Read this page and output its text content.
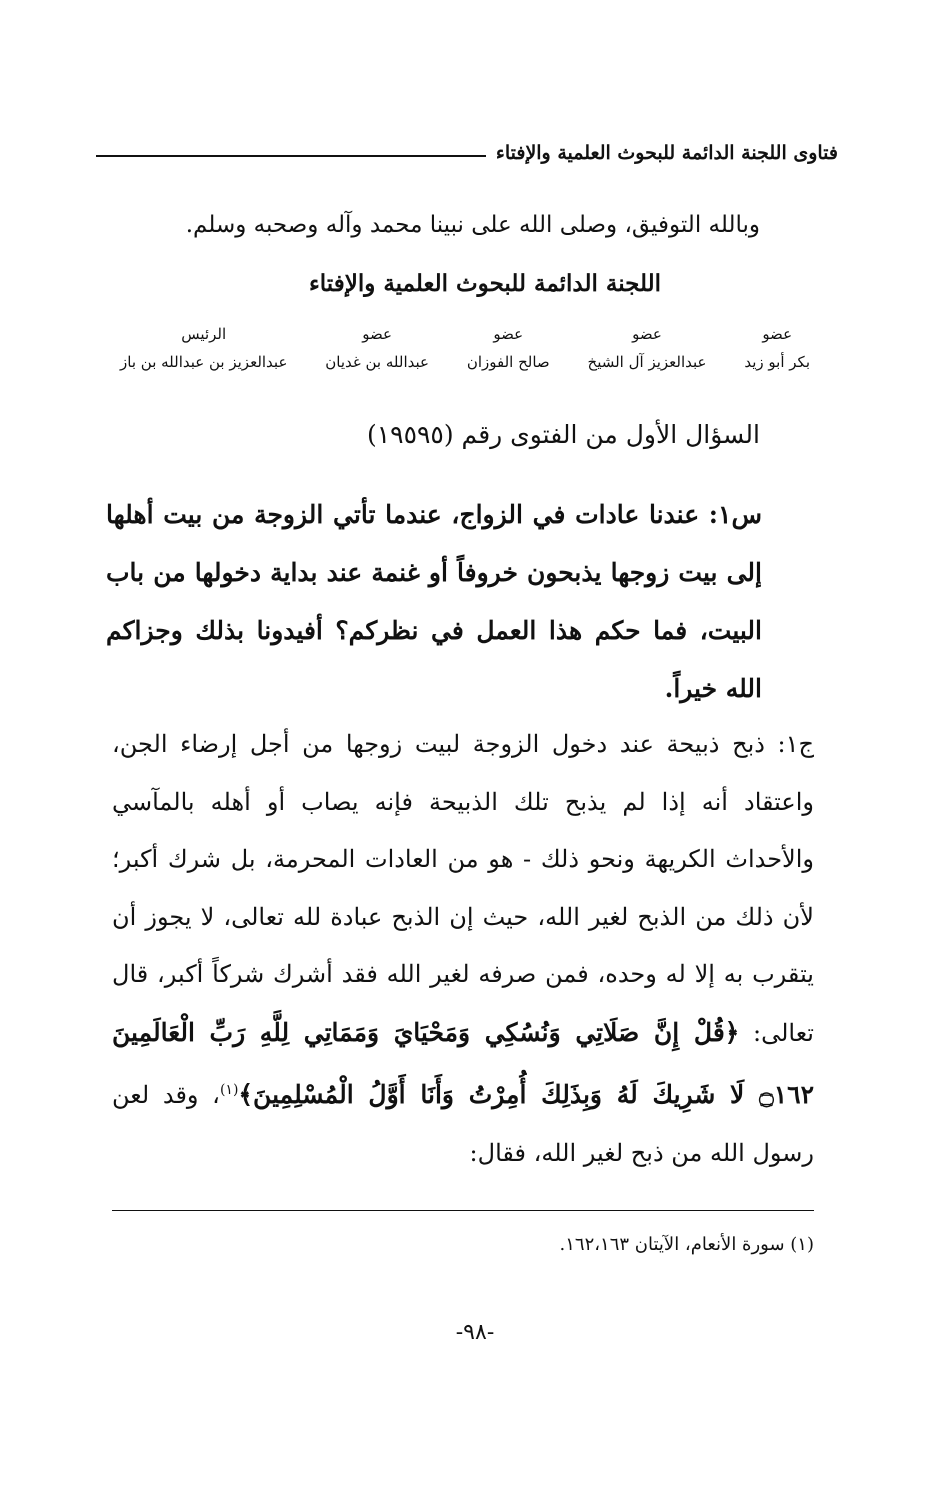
فتاوى اللجنة الدائمة للبحوث العلمية والإفتاء
وبالله التوفيق، وصلى الله على نبينا محمد وآله وصحبه وسلم.
اللجنة الدائمة للبحوث العلمية والإفتاء
عضو
بكر أبو زيد
عضو
عبدالعزيز آل الشيخ
عضو
صالح الفوزان
عضو
عبدالله بن غديان
الرئيس
عبدالعزيز بن عبدالله بن باز
السؤال الأول من الفتوى رقم (١٩٥٩٥)
س١: عندنا عادات في الزواج، عندما تأتي الزوجة من بيت أهلها إلى بيت زوجها يذبحون خروفاً أو غنمة عند بداية دخولها من باب البيت، فما حكم هذا العمل في نظركم؟ أفيدونا بذلك وجزاكم الله خيراً.
ج١: ذبح ذبيحة عند دخول الزوجة لبيت زوجها من أجل إرضاء الجن، واعتقاد أنه إذا لم يذبح تلك الذبيحة فإنه يصاب أو أهله بالمآسي والأحداث الكريهة ونحو ذلك - هو من العادات المحرمة، بل شرك أكبر؛ لأن ذلك من الذبح لغير الله، حيث إن الذبح عبادة لله تعالى، لا يجوز أن يتقرب به إلا له وحده، فمن صرفه لغير الله فقد أشرك شركاً أكبر، قال تعالى: ﴿قُلْ إِنَّ صَلَاتِي وَنُسُكِي وَمَحْيَايَ وَمَمَاتِي لِلَّهِ رَبِّ الْعَالَمِينَ ۝١٦٢ لَا شَرِيكَ لَهُ وَبِذَلِكَ أُمِرْتُ وَأَنَا أَوَّلُ الْمُسْلِمِينَ﴾$^{(١)}$، وقد لعن رسول الله من ذبح لغير الله، فقال:
(١) سورة الأنعام، الآيتان ١٦٢،١٦٣.
-٩٨-
